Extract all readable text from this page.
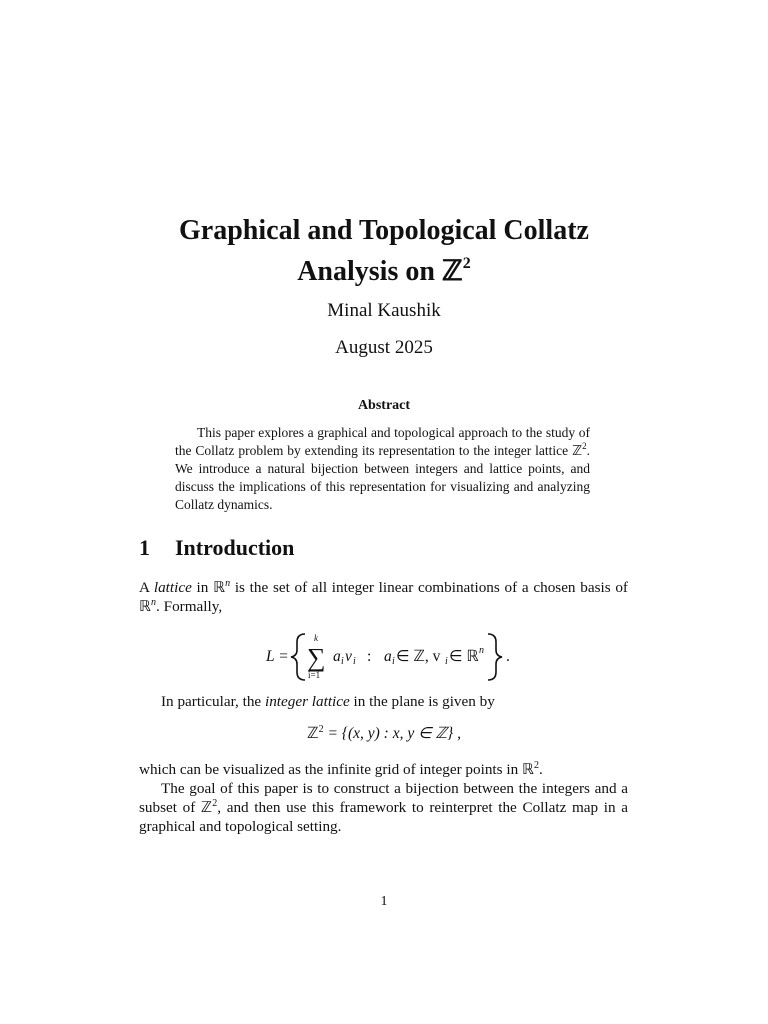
Graphical and Topological Collatz
Analysis on ℤ$^2$
Minal Kaushik
August 2025
Abstract

This paper explores a graphical and topological approach to the study of the Collatz problem by extending its representation to the integer lattice ℤ$^2$. We introduce a natural bijection between integers and lattice points, and discuss the implications of this representation for visualizing and analyzing Collatz dynamics.

1 Introduction

A lattice in ℝ$^n$ is the set of all integer linear combinations of a chosen basis of ℝ$^n$. Formally,

L =
k
∑
i=1
a i v i : a i ∈ ℤ, v i ∈ ℝ n .

In particular, the integer lattice in the plane is given by

ℤ$^2$ = {(x, y) : x, y ∈ ℤ} ,

which can be visualized as the infinite grid of integer points in ℝ$^2$.

The goal of this paper is to construct a bijection between the integers and a subset of ℤ$^2$, and then use this framework to reinterpret the Collatz map in a graphical and topological setting.

1
